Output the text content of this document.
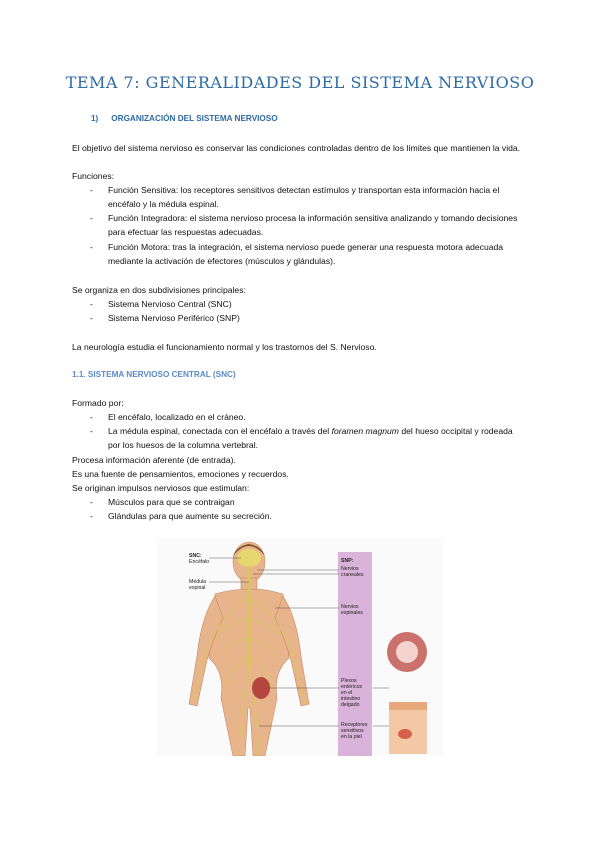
TEMA 7: GENERALIDADES DEL SISTEMA NERVIOSO
1) ORGANIZACIÓN DEL SISTEMA NERVIOSO
El objetivo del sistema nervioso es conservar las condiciones controladas dentro de los límites que mantienen la vida.
Funciones:
- Función Sensitiva: los receptores sensitivos detectan estímulos y transportan esta información hacia el encéfalo y la médula espinal.
- Función Integradora: el sistema nervioso procesa la información sensitiva analizando y tomando decisiones para efectuar las respuestas adecuadas.
- Función Motora: tras la integración, el sistema nervioso puede generar una respuesta motora adecuada mediante la activación de efectores (músculos y glándulas).
Se organiza en dos subdivisiones principales:
- Sistema Nervioso Central (SNC)
- Sistema Nervioso Periférico (SNP)
La neurología estudia el funcionamiento normal y los trastornos del S. Nervioso.
1.1. SISTEMA NERVIOSO CENTRAL (SNC)
Formado por:
- El encéfalo, localizado en el cráneo.
- La médula espinal, conectada con el encéfalo a través del foramen magnum del hueso occipital y rodeada por los huesos de la columna vertebral.
Procesa información aferente (de entrada).
Es una fuente de pensamientos, emociones y recuerdos.
Se originan impulsos nerviosos que estimulan:
- Músculos para que se contraigan
- Glándulas para que aumente su secreción.
SNC:
Encéfalo
Médula
espinal
SNP:
Nervios
craneales
Nervios
espinales
Plexos
entéricos
en el
intestino
delgado
Receptores
sensitivos
en la piel
